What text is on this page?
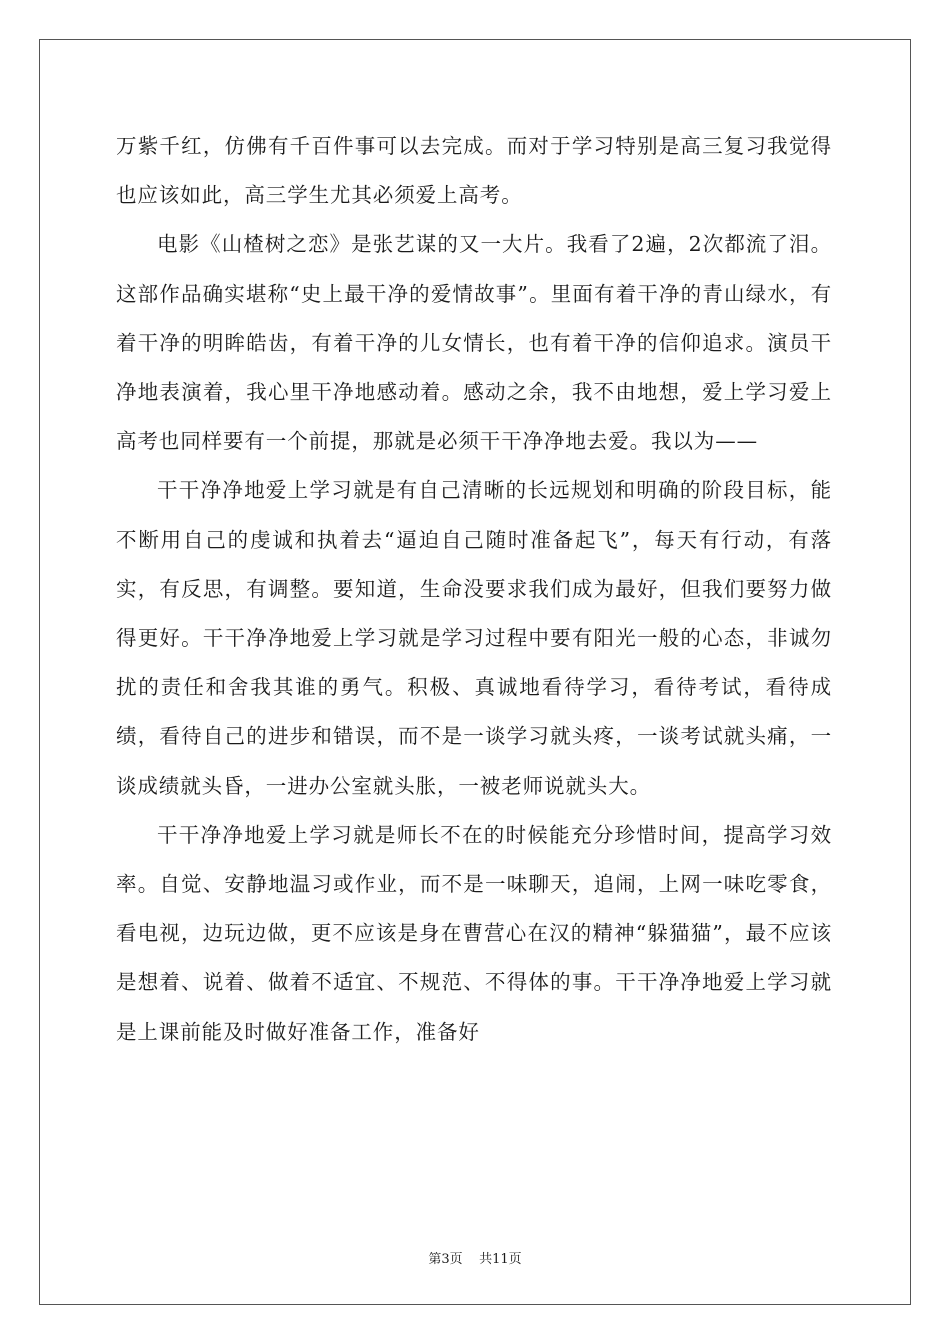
万紫千红，仿佛有千百件事可以去完成。而对于学习特别是高三复习我觉得也应该如此，高三学生尤其必须爱上高考。

电影《山楂树之恋》是张艺谋的又一大片。我看了2遍，2次都流了泪。这部作品确实堪称“史上最干净的爱情故事”。里面有着干净的青山绿水，有着干净的明眸皓齿，有着干净的儿女情长，也有着干净的信仰追求。演员干净地表演着，我心里干净地感动着。感动之余，我不由地想，爱上学习爱上高考也同样要有一个前提，那就是必须干干净净地去爱。我以为——

干干净净地爱上学习就是有自己清晰的长远规划和明确的阶段目标，能不断用自己的虔诚和执着去“逼迫自己随时准备起飞”，每天有行动，有落实，有反思，有调整。要知道，生命没要求我们成为最好，但我们要努力做得更好。干干净净地爱上学习就是学习过程中要有阳光一般的心态，非诚勿扰的责任和舍我其谁的勇气。积极、真诚地看待学习，看待考试，看待成绩，看待自己的进步和错误，而不是一谈学习就头疼，一谈考试就头痛，一谈成绩就头昏，一进办公室就头胀，一被老师说就头大。

干干净净地爱上学习就是师长不在的时候能充分珍惜时间，提高学习效率。自觉、安静地温习或作业，而不是一味聊天，追闹，上网一味吃零食，看电视，边玩边做，更不应该是身在曹营心在汉的精神“躲猫猫”，最不应该是想着、说着、做着不适宜、不规范、不得体的事。干干净净地爱上学习就是上课前能及时做好准备工作，准备好

第3页    共11页
